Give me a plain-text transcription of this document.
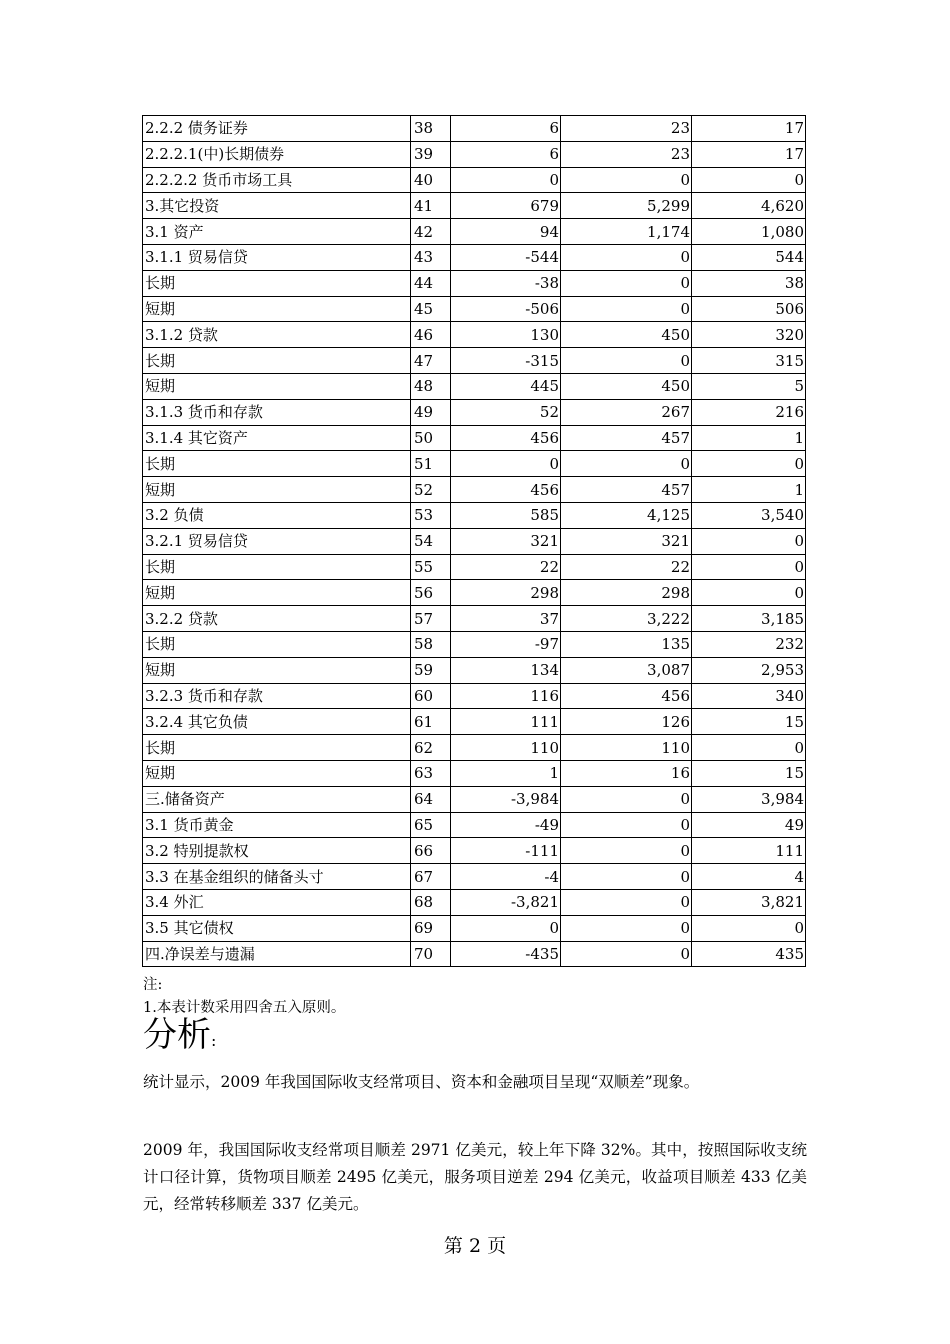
2.2.2 债务证券	38	6	23	17
2.2.2.1(中)长期债券	39	6	23	17
2.2.2.2 货币市场工具	40	0	0	0
3.其它投资	41	679	5,299	4,620
3.1 资产	42	94	1,174	1,080
3.1.1 贸易信贷	43	-544	0	544
长期	44	-38	0	38
短期	45	-506	0	506
3.1.2 贷款	46	130	450	320
长期	47	-315	0	315
短期	48	445	450	5
3.1.3 货币和存款	49	52	267	216
3.1.4 其它资产	50	456	457	1
长期	51	0	0	0
短期	52	456	457	1
3.2 负债	53	585	4,125	3,540
3.2.1 贸易信贷	54	321	321	0
长期	55	22	22	0
短期	56	298	298	0
3.2.2 贷款	57	37	3,222	3,185
长期	58	-97	135	232
短期	59	134	3,087	2,953
3.2.3 货币和存款	60	116	456	340
3.2.4 其它负债	61	111	126	15
长期	62	110	110	0
短期	63	1	16	15
三.储备资产	64	-3,984	0	3,984
3.1 货币黄金	65	-49	0	49
3.2 特别提款权	66	-111	0	111
3.3 在基金组织的储备头寸	67	-4	0	4
3.4 外汇	68	-3,821	0	3,821
3.5 其它债权	69	0	0	0
四.净误差与遗漏	70	-435	0	435
注:
1.本表计数采用四舍五入原则。
分析:
统计显示，2009 年我国国际收支经常项目、资本和金融项目呈现“双顺差”现象。
2009 年，我国国际收支经常项目顺差 2971 亿美元，较上年下降 32%。其中，按照国际收支统计口径计算，货物项目顺差 2495 亿美元，服务项目逆差 294 亿美元，收益项目顺差 433 亿美元，经常转移顺差 337 亿美元。
第 2 页
